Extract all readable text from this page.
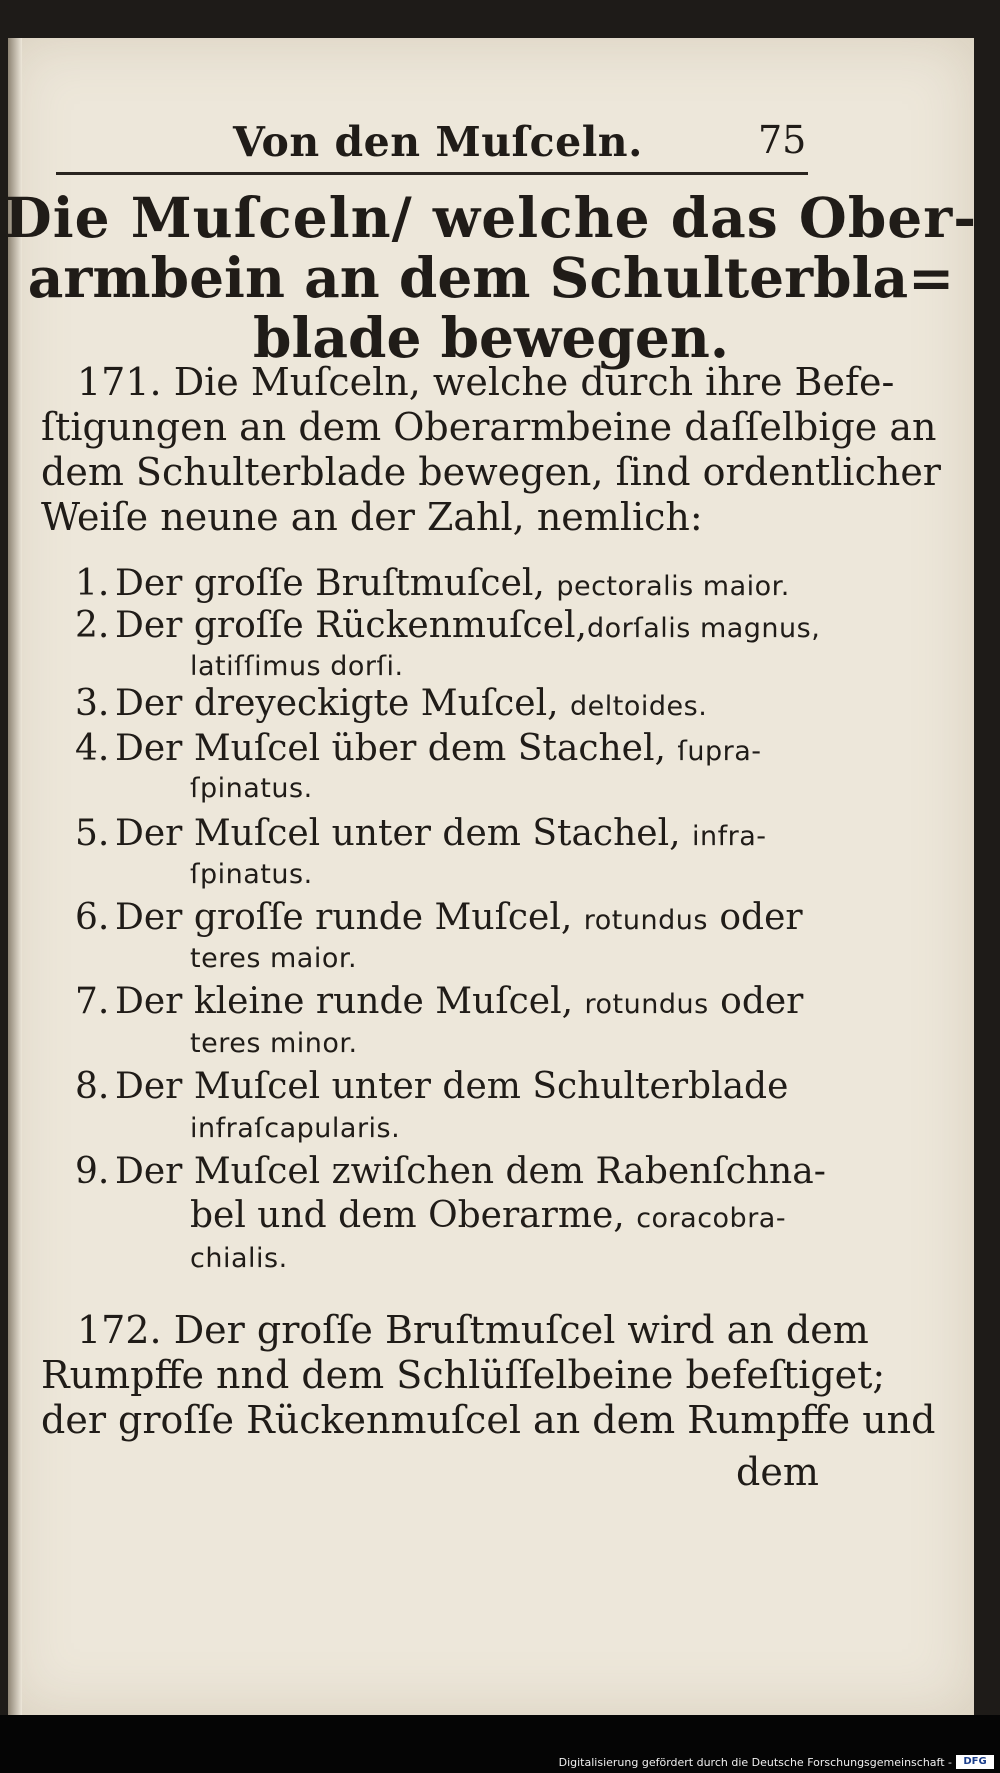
Von den Muſceln.	75
Die Muſceln/ welche das Ober-
armbein an dem Schulterbla=
blade bewegen.
171. Die Muſceln, welche durch ihre Befe-
ſtigungen an dem Oberarmbeine daſſelbige an
dem Schulterblade bewegen, ſind ordentlicher
Weiſe neune an der Zahl, nemlich:
1. Der groſſe Bruſtmuſcel, pectoralis maior.
2. Der groſſe Rückenmuſcel,dorſalis magnus,
latiſſimus dorſi.
3. Der dreyeckigte Muſcel, deltoides.
4. Der Muſcel über dem Stachel, ſupra-
ſpinatus.
5. Der Muſcel unter dem Stachel, infra-
ſpinatus.
6. Der groſſe runde Muſcel, rotundus oder
teres maior.
7. Der kleine runde Muſcel, rotundus oder
teres minor.
8. Der Muſcel unter dem Schulterblade
infraſcapularis.
9. Der Muſcel zwiſchen dem Rabenſchna-
bel und dem Oberarme, coracobra-
chialis.
172. Der groſſe Bruſtmuſcel wird an dem
Rumpffe nnd dem Schlüſſelbeine befeſtiget;
der groſſe Rückenmuſcel an dem Rumpffe und
dem
Digitalisierung gefördert durch die Deutsche Forschungsgemeinschaft -	DFG
